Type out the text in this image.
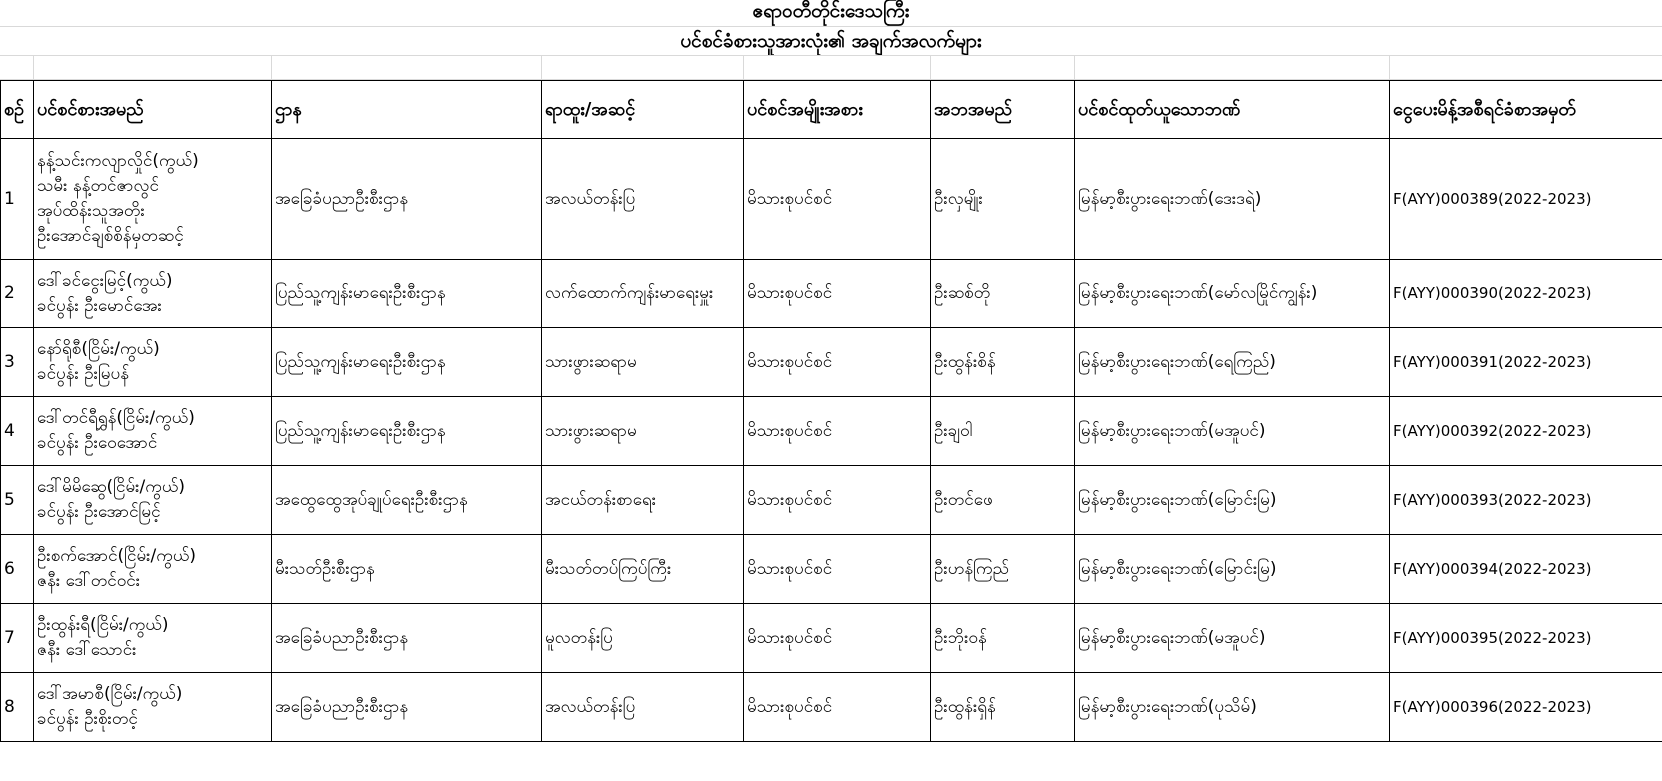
ဧရာဝတီတိုင်းဒေသကြီး
ပင်စင်ခံစားသူအားလုံး၏ အချက်အလက်များ
စဉ်	ပင်စင်စားအမည်	ဌာန	ရာထူး/အဆင့်	ပင်စင်အမျိုးအစား	အဘအမည်	ပင်စင်ထုတ်ယူသောဘဏ်	ငွေပေးမိန့်အစီရင်ခံစာအမှတ်
1	နန့်သင်းကလျာလှိုင်(ကွယ်)
သမီး နန့်တင်ဇာလွင်
အုပ်ထိန်းသူအတိုး
ဦးအောင်ချစ်စိန်မှတဆင့်	အခြေခံပညာဦးစီးဌာန	အလယ်တန်းပြ	မိသားစုပင်စင်	ဦးလှမျိုး	မြန်မာ့စီးပွားရေးဘဏ်(ဒေးဒရဲ)	F(AYY)000389(2022-2023)
2	ဒေါ်ခင်ငွေးမြင့်(ကွယ်)
ခင်ပွန်း ဦးမောင်အေး	ပြည်သူ့ကျန်းမာရေးဦးစီးဌာန	လက်ထောက်ကျန်းမာရေးမှူး	မိသားစုပင်စင်	ဦးဆစ်တို	မြန်မာ့စီးပွားရေးဘဏ်(မော်လမြိုင်ကျွန်း)	F(AYY)000390(2022-2023)
3	နော်ရိုစီ(ငြိမ်း/ကွယ်)
ခင်ပွန်း ဦးမြပန်	ပြည်သူ့ကျန်းမာရေးဦးစီးဌာန	သားဖွားဆရာမ	မိသားစုပင်စင်	ဦးထွန်းစိန်	မြန်မာ့စီးပွားရေးဘဏ်(ရေကြည်)	F(AYY)000391(2022-2023)
4	ဒေါ်တင်ရီရွှန်(ငြိမ်း/ကွယ်)
ခင်ပွန်း ဦးဝေအောင်	ပြည်သူ့ကျန်းမာရေးဦးစီးဌာန	သားဖွားဆရာမ	မိသားစုပင်စင်	ဦးချဝါ	မြန်မာ့စီးပွားရေးဘဏ်(မအူပင်)	F(AYY)000392(2022-2023)
5	ဒေါ်မိမိဆွေ(ငြိမ်း/ကွယ်)
ခင်ပွန်း ဦးအောင်မြင့်	အထွေထွေအုပ်ချုပ်ရေးဦးစီးဌာန	အငယ်တန်းစာရေး	မိသားစုပင်စင်	ဦးတင်ဖေ	မြန်မာ့စီးပွားရေးဘဏ်(မြောင်းမြ)	F(AYY)000393(2022-2023)
6	ဦးစက်အောင်(ငြိမ်း/ကွယ်)
ဇနီး ဒေါ်တင်ဝင်း	မီးသတ်ဦးစီးဌာန	မီးသတ်တပ်ကြပ်ကြီး	မိသားစုပင်စင်	ဦးဟန်ကြည်	မြန်မာ့စီးပွားရေးဘဏ်(မြောင်းမြ)	F(AYY)000394(2022-2023)
7	ဦးထွန်းရီ(ငြိမ်း/ကွယ်)
ဇနီး ဒေါ်သောင်း	အခြေခံပညာဦးစီးဌာန	မူလတန်းပြ	မိသားစုပင်စင်	ဦးဘိုးဝန်	မြန်မာ့စီးပွားရေးဘဏ်(မအူပင်)	F(AYY)000395(2022-2023)
8	ဒေါ်အမာစီ(ငြိမ်း/ကွယ်)
ခင်ပွန်း ဦးစိုးတင့်	အခြေခံပညာဦးစီးဌာန	အလယ်တန်းပြ	မိသားစုပင်စင်	ဦးထွန်းရှိန်	မြန်မာ့စီးပွားရေးဘဏ်(ပုသိမ်)	F(AYY)000396(2022-2023)
